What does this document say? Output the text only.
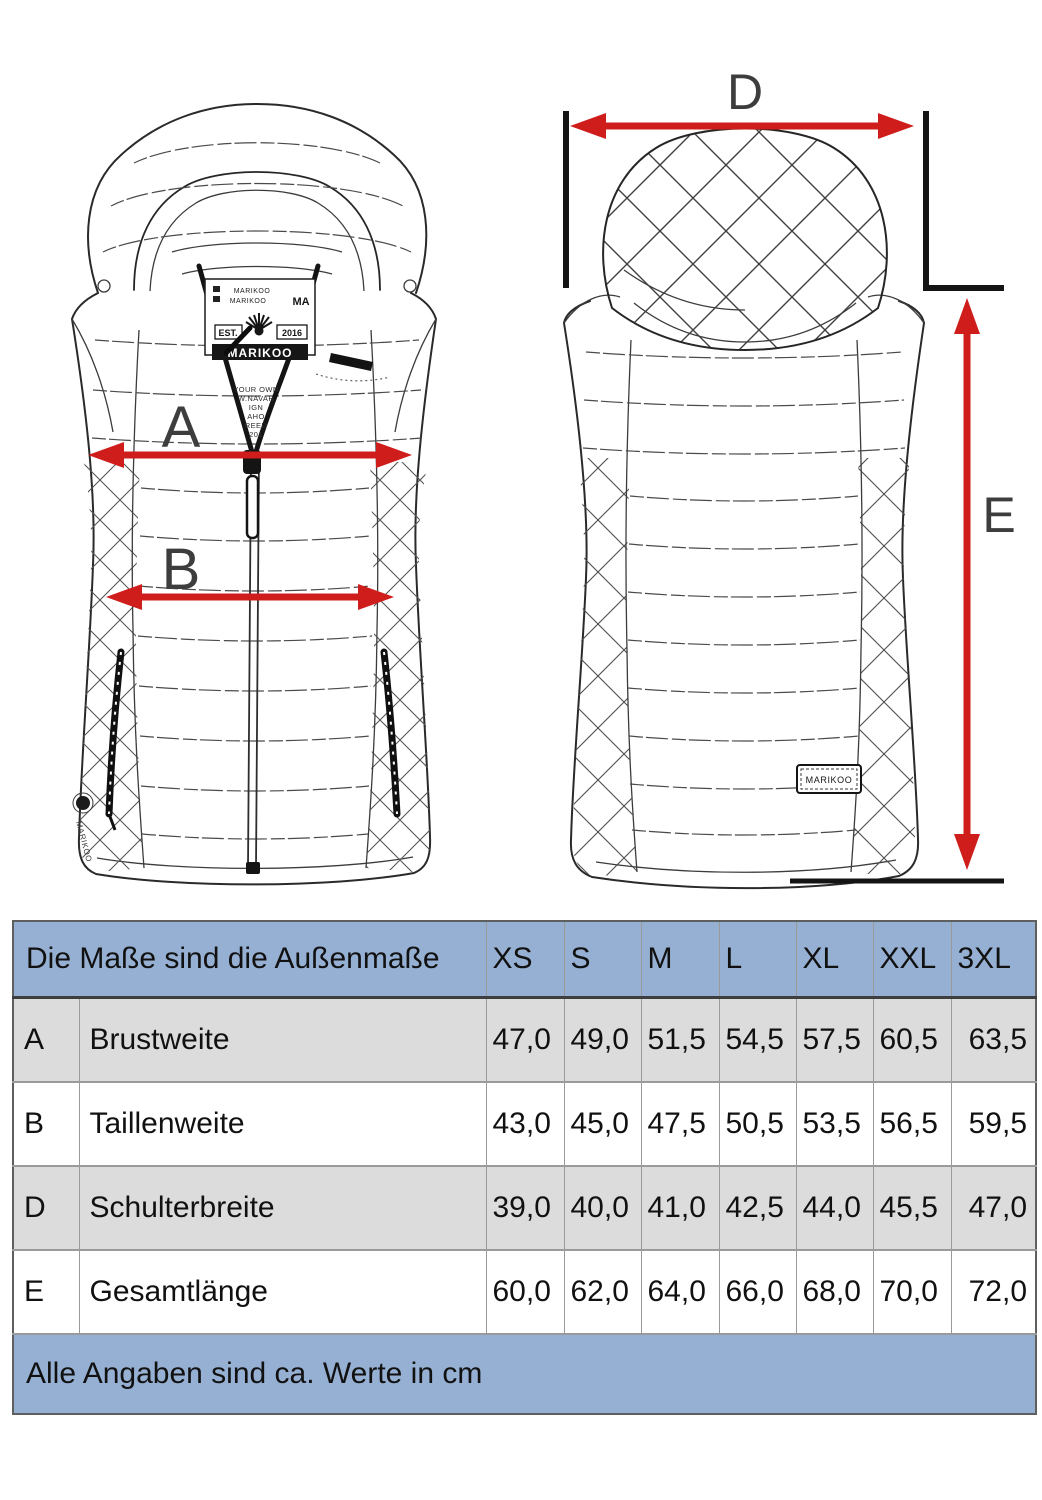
MARIKOO
MARIKOO MA
EST.	2016
MARIKOO
YOUR OWN
W.NAVAH
IGN
AHO
REED
201
MARIKOO
MARIKOO
A
B
D
E
Die Maße sind die Außenmaße		XS	S	M	L	XL	XXL	3XL
A	Brustweite	47,0	49,0	51,5	54,5	57,5	60,5	63,5
B	Taillenweite	43,0	45,0	47,5	50,5	53,5	56,5	59,5
D	Schulterbreite	39,0	40,0	41,0	42,5	44,0	45,5	47,0
E	Gesamtlänge	60,0	62,0	64,0	66,0	68,0	70,0	72,0
Alle Angaben sind ca. Werte in cm								
